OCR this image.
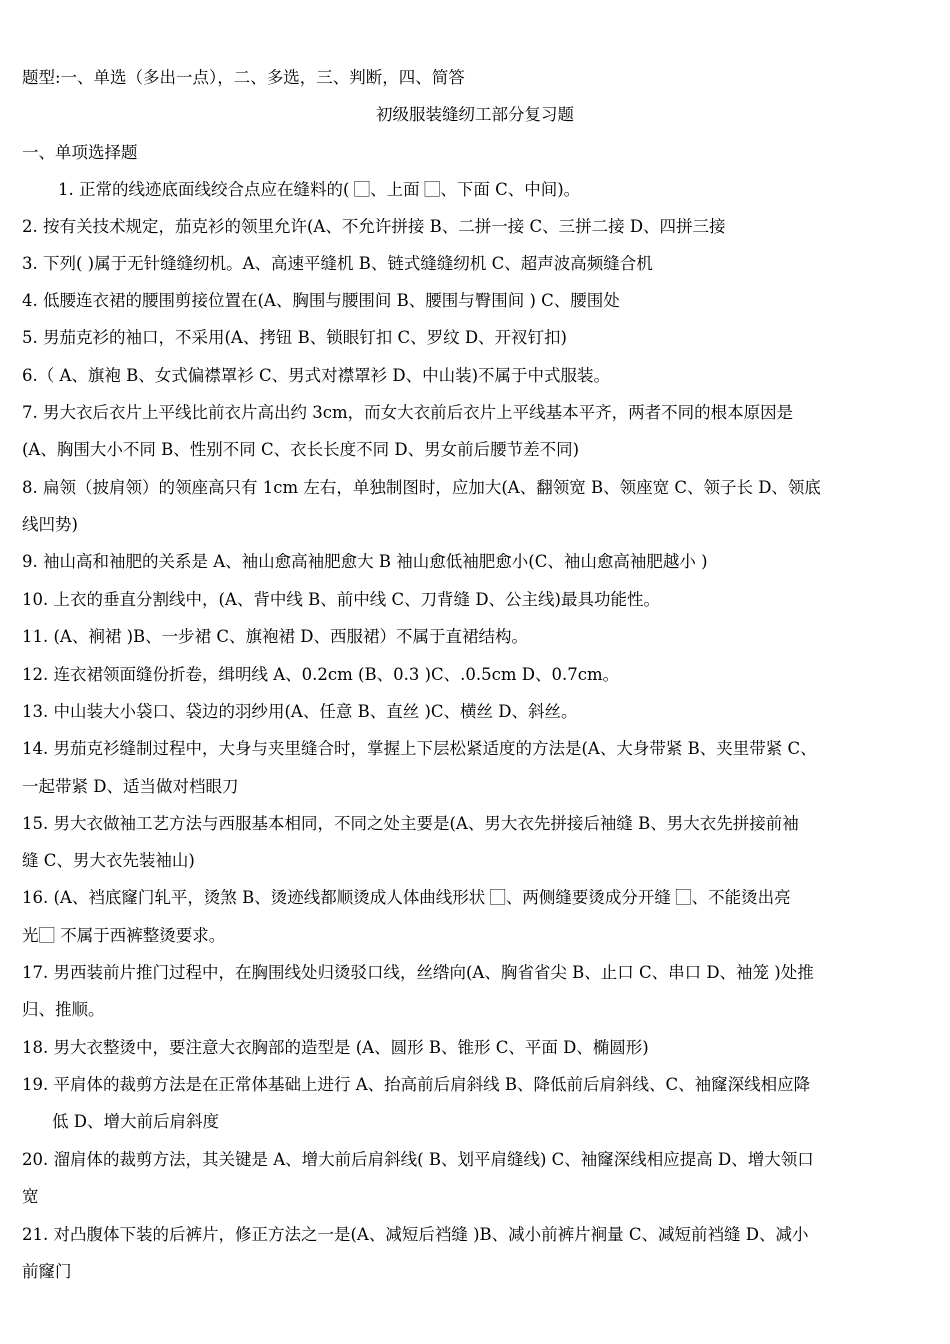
题型:一、单选（多出一点），二、多选，三、判断，四、简答
初级服装缝纫工部分复习题
一、单项选择题
1. 正常的线迹底面线绞合点应在缝料的( ⃞、上面 ⃞、下面 C、中间)。
2. 按有关技术规定，茄克衫的领里允许(A、不允许拼接 B、二拼一接 C、三拼二接 D、四拼三接
3. 下列( )属于无针缝缝纫机。A、高速平缝机 B、链式缝缝纫机 C、超声波高频缝合机
4. 低腰连衣裙的腰围剪接位置在(A、胸围与腰围间 B、腰围与臀围间 ) C、腰围处
5. 男茄克衫的袖口，不采用(A、拷钮 B、锁眼钉扣 C、罗纹 D、开衩钉扣)
6.（ A、旗袍 B、女式偏襟罩衫 C、男式对襟罩衫 D、中山装)不属于中式服装。
7. 男大衣后衣片上平线比前衣片高出约 3cm，而女大衣前后衣片上平线基本平齐，两者不同的根本原因是
(A、胸围大小不同 B、性别不同 C、衣长长度不同 D、男女前后腰节差不同)
8. 扁领（披肩领）的领座高只有 1cm 左右，单独制图时，应加大(A、翻领宽 B、领座宽 C、领子长 D、领底
线凹势)
9. 袖山高和袖肥的关系是 A、袖山愈高袖肥愈大 B 袖山愈低袖肥愈小(C、袖山愈高袖肥越小 )
10. 上衣的垂直分割线中，(A、背中线 B、前中线 C、刀背缝 D、公主线)最具功能性。
11. (A、裥裙 )B、一步裙 C、旗袍裙 D、西服裙）不属于直裙结构。
12. 连衣裙领面缝份折卷，缉明线 A、0.2cm (B、0.3 )C、.0.5cm D、0.7cm。
13. 中山装大小袋口、袋边的羽纱用(A、任意 B、直丝 )C、横丝 D、斜丝。
14. 男茄克衫缝制过程中，大身与夹里缝合时，掌握上下层松紧适度的方法是(A、大身带紧 B、夹里带紧 C、
一起带紧 D、适当做对档眼刀
15. 男大衣做袖工艺方法与西服基本相同，不同之处主要是(A、男大衣先拼接后袖缝 B、男大衣先拼接前袖
缝 C、男大衣先装袖山)
16. (A、裆底窿门轧平，烫煞 B、烫迹线都顺烫成人体曲线形状 ⃞、两侧缝要烫成分开缝 ⃞、不能烫出亮
光⃞ 不属于西裤整烫要求。
17. 男西装前片推门过程中，在胸围线处归烫驳口线，丝绺向(A、胸省省尖 B、止口 C、串口 D、袖笼 )处推
归、推顺。
18. 男大衣整烫中，要注意大衣胸部的造型是 (A、圆形 B、锥形 C、平面 D、椭圆形)
19. 平肩体的裁剪方法是在正常体基础上进行 A、抬高前后肩斜线 B、降低前后肩斜线、C、袖窿深线相应降
低 D、增大前后肩斜度
20. 溜肩体的裁剪方法，其关键是 A、增大前后肩斜线( B、划平肩缝线) C、袖窿深线相应提高 D、增大领口
宽
21. 对凸腹体下装的后裤片，修正方法之一是(A、减短后裆缝 )B、减小前裤片裥量 C、减短前裆缝 D、减小
前窿门
